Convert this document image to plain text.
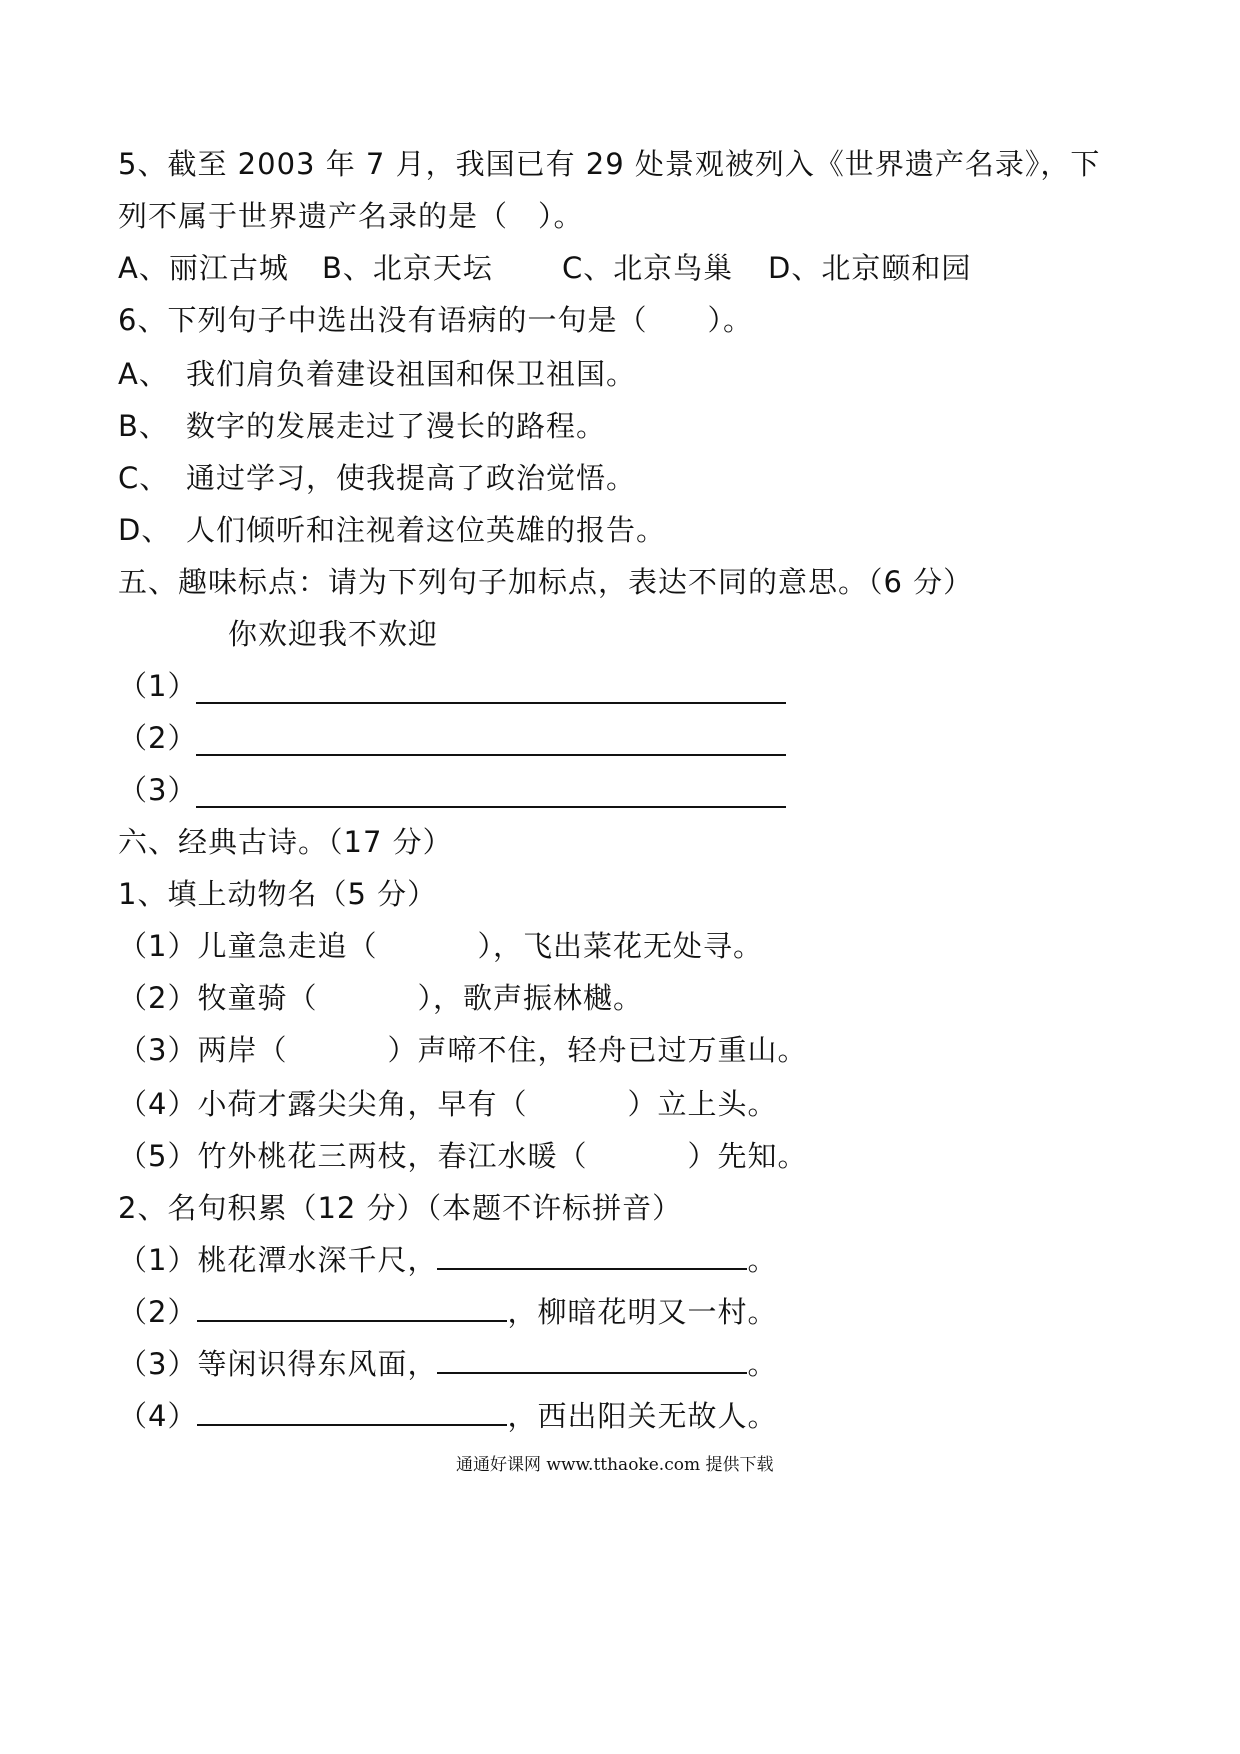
5、截至 2003 年 7 月，我国已有 29 处景观被列入《世界遗产名录》，下
列不属于世界遗产名录的是（　）。
A、丽江古城 B、北京天坛 C、北京鸟巢 D、北京颐和园
6、下列句子中选出没有语病的一句是（　　）。
A、 我们肩负着建设祖国和保卫祖国。
B、 数字的发展走过了漫长的路程。
C、 通过学习，使我提高了政治觉悟。
D、 人们倾听和注视着这位英雄的报告。
五、趣味标点：请为下列句子加标点，表达不同的意思。（6 分）
你欢迎我不欢迎
（1）
（2）
（3）
六、经典古诗。（17 分）
1、填上动物名（5 分）
（1）儿童急走追（	），飞出菜花无处寻。
（2）牧童骑（	），歌声振林樾。
（3）两岸（	）声啼不住，轻舟已过万重山。
（4）小荷才露尖尖角，早有（	）立上头。
（5）竹外桃花三两枝，春江水暖（	）先知。
2、名句积累（12 分）（本题不许标拼音）
（1）桃花潭水深千尺，	。
（2）	，柳暗花明又一村。
（3）等闲识得东风面，	。
（4）	，西出阳关无故人。
通通好课网 www.tthaoke.com 提供下载
